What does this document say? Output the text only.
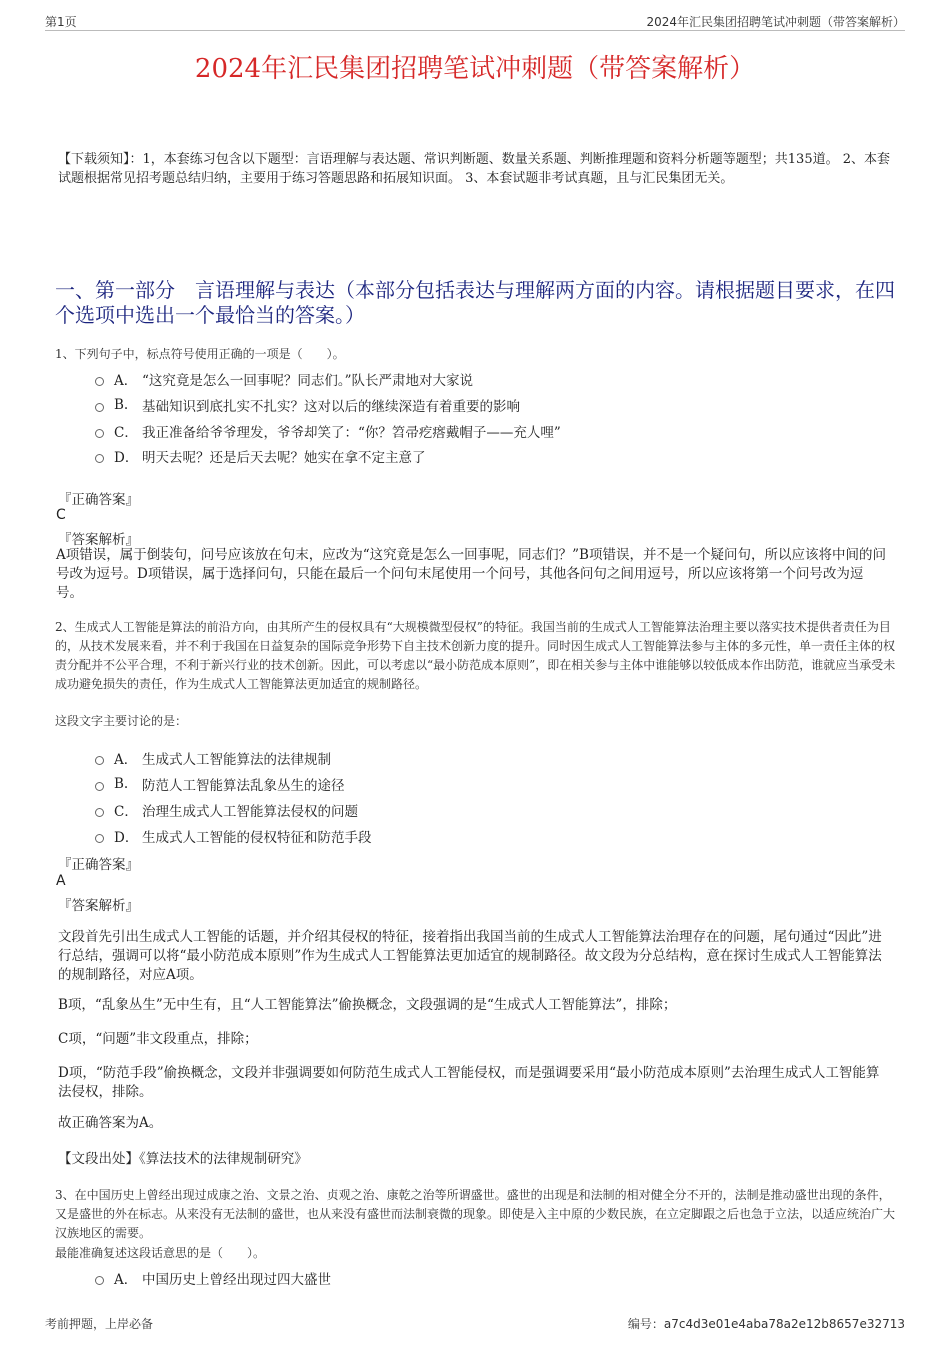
第1页	2024年汇民集团招聘笔试冲刺题（带答案解析）
2024年汇民集团招聘笔试冲刺题（带答案解析）
【下载须知】：1，本套练习包含以下题型：言语理解与表达题、常识判断题、数量关系题、判断推理题和资料分析题等题型；共135道。 2、本套试题根据常见招考题总结归纳，主要用于练习答题思路和拓展知识面。 3、本套试题非考试真题，且与汇民集团无关。
一、第一部分　言语理解与表达（本部分包括表达与理解两方面的内容。请根据题目要求，在四个选项中选出一个最恰当的答案。）
1、下列句子中，标点符号使用正确的一项是（　　）。
A． “这究竟是怎么一回事呢？同志们。”队长严肃地对大家说
B.	基础知识到底扎实不扎实？这对以后的继续深造有着重要的影响
C． 我正准备给爷爷理发，爷爷却笑了：“你？笤帚疙瘩戴帽子——充人哩”
D． 明天去呢？还是后天去呢？她实在拿不定主意了
『正确答案』
C
『答案解析』
A项错误，属于倒装句，问号应该放在句末，应改为“这究竟是怎么一回事呢，同志们？”B项错误，并不是一个疑问句，所以应该将中间的问号改为逗号。D项错误，属于选择问句，只能在最后一个问句末尾使用一个问号，其他各问句之间用逗号，所以应该将第一个问号改为逗号。
2、生成式人工智能是算法的前沿方向，由其所产生的侵权具有“大规模微型侵权”的特征。我国当前的生成式人工智能算法治理主要以落实技术提供者责任为目的，从技术发展来看，并不利于我国在日益复杂的国际竞争形势下自主技术创新力度的提升。同时因生成式人工智能算法参与主体的多元性，单一责任主体的权责分配并不公平合理，不利于新兴行业的技术创新。因此，可以考虑以“最小防范成本原则”，即在相关参与主体中谁能够以较低成本作出防范，谁就应当承受未成功避免损失的责任，作为生成式人工智能算法更加适宜的规制路径。
这段文字主要讨论的是：
A． 生成式人工智能算法的法律规制
B.	防范人工智能算法乱象丛生的途径
C． 治理生成式人工智能算法侵权的问题
D． 生成式人工智能的侵权特征和防范手段
『正确答案』
A
『答案解析』
文段首先引出生成式人工智能的话题，并介绍其侵权的特征，接着指出我国当前的生成式人工智能算法治理存在的问题，尾句通过“因此”进行总结，强调可以将“最小防范成本原则”作为生成式人工智能算法更加适宜的规制路径。故文段为分总结构，意在探讨生成式人工智能算法的规制路径，对应A项。
B项，“乱象丛生”无中生有，且“人工智能算法”偷换概念，文段强调的是“生成式人工智能算法”，排除；
C项，“问题”非文段重点，排除；
D项，“防范手段”偷换概念，文段并非强调要如何防范生成式人工智能侵权，而是强调要采用“最小防范成本原则”去治理生成式人工智能算法侵权，排除。
故正确答案为A。
【文段出处】《算法技术的法律规制研究》
3、在中国历史上曾经出现过成康之治、文景之治、贞观之治、康乾之治等所谓盛世。盛世的出现是和法制的相对健全分不开的，法制是推动盛世出现的条件，又是盛世的外在标志。从来没有无法制的盛世，也从来没有盛世而法制衰微的现象。即使是入主中原的少数民族，在立定脚跟之后也急于立法，以适应统治广大汉族地区的需要。
最能准确复述这段话意思的是（　　）。
A． 中国历史上曾经出现过四大盛世
考前押题，上岸必备	编号：a7c4d3e01e4aba78a2e12b8657e32713
